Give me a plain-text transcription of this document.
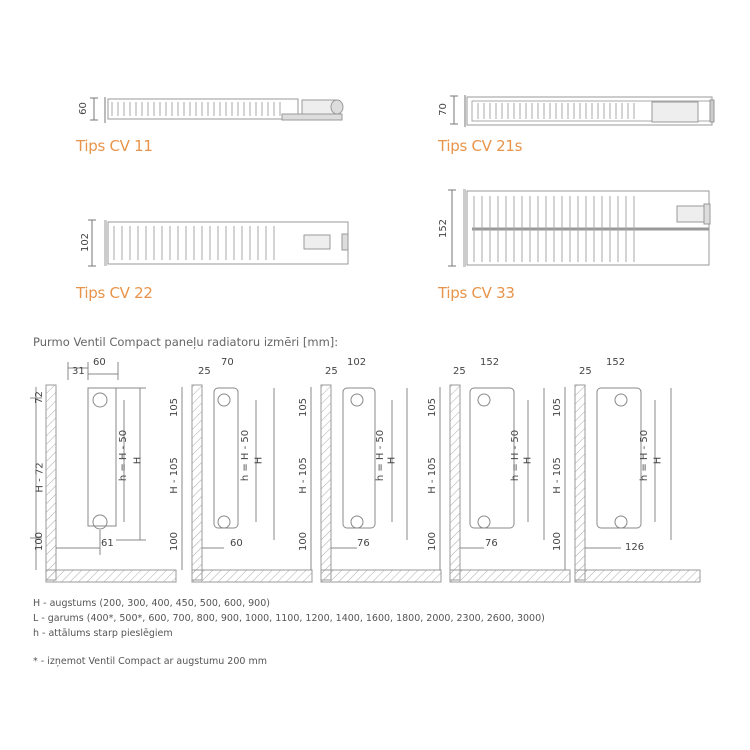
60
Tips CV 11
70
Tips CV 21s
102
Tips CV 22
152
Tips CV 33
Purmo Ventil Compact paneļu radiatoru izmēri [mm]:
31
60
72
H - 72
100
h = H - 50 H
61
25
70
105
H - 105
100
h = H - 50 H
60
25
102
105
H - 105
100
h = H - 50 H
76
25
152
105
H - 105
100
h = H - 50 H
76
25
152
105
H - 105
100
h = H - 50 H
126
H - augstums (200, 300, 400, 450, 500, 600, 900)
L - garums (400*, 500*, 600, 700, 800, 900, 1000, 1100, 1200, 1400, 1600, 1800, 2000, 2300, 2600, 3000)
h - attālums starp pieslēgiem
* - izņemot Ventil Compact ar augstumu 200 mm
